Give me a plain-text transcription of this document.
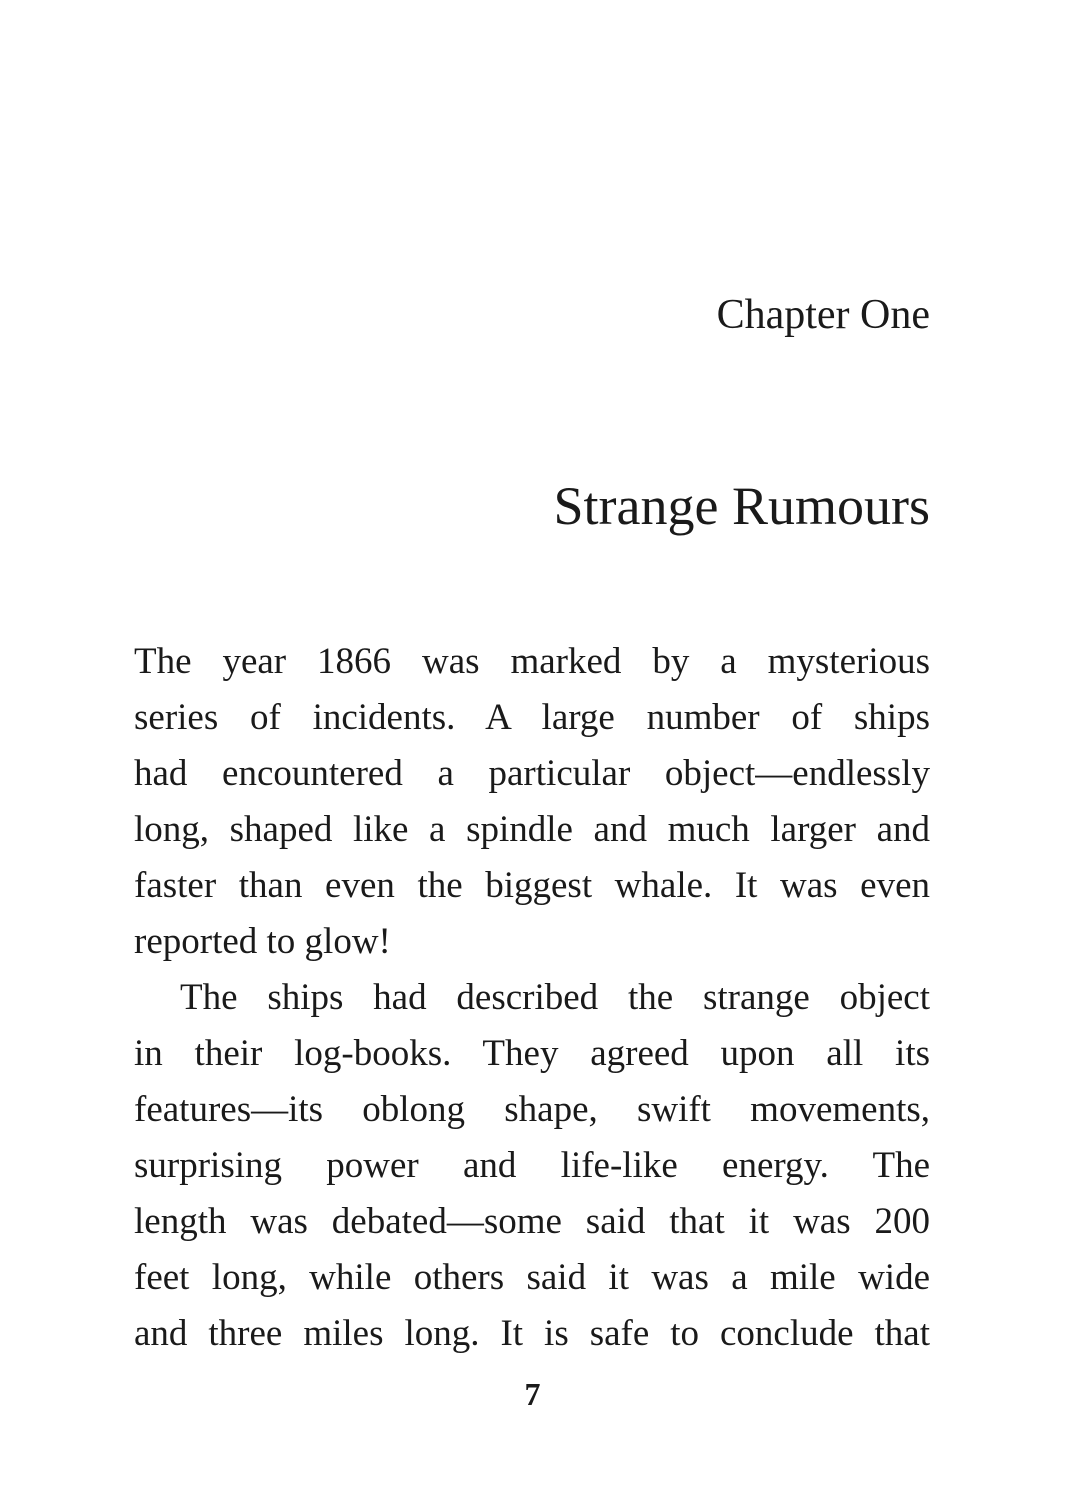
Chapter One
Strange Rumours
The year 1866 was marked by a mysterious
series of incidents. A large number of ships
had encountered a particular object—endlessly
long, shaped like a spindle and much larger and
faster than even the biggest whale. It was even
reported to glow!
The ships had described the strange object
in their log-books. They agreed upon all its
features—its oblong shape, swift movements,
surprising power and life-like energy. The
length was debated—some said that it was 200
feet long, while others said it was a mile wide
and three miles long. It is safe to conclude that
7
